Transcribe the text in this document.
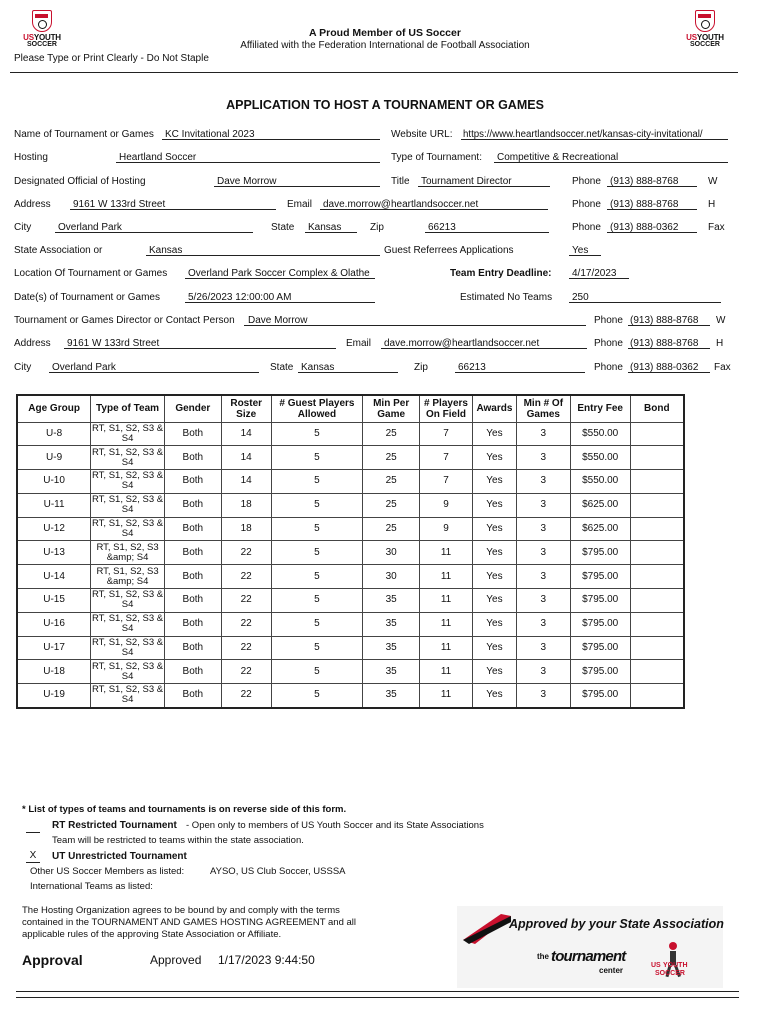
USYOUTH
SOCCER
USYOUTH
SOCCER
A Proud Member of US Soccer
Affiliated with the Federation International de Football Association
Please Type or Print Clearly - Do Not Staple
APPLICATION TO HOST A TOURNAMENT OR GAMES
Name of Tournament or Games KC Invitational 2023	Website URL: https://www.heartlandsoccer.net/kansas-city-invitational/
Hosting	Heartland Soccer	Type of Tournament: Competitive & Recreational
Designated Official of Hosting	Dave Morrow	Title Tournament Director	Phone (913) 888-8768	W
Address 9161 W 133rd Street	Email dave.morrow@heartlandsoccer.net	Phone (913) 888-8768	H
City	Overland Park	State Kansas	Zip	66213	Phone (913) 888-0362	Fax
State Association or	Kansas	Guest Referrees Applications	Yes
Location Of Tournament or Games Overland Park Soccer Complex & Olathe	Team Entry Deadline: 4/17/2023
Date(s) of Tournament or Games	5/26/2023 12:00:00 AM	Estimated No Teams 250
Tournament or Games Director or Contact Person Dave Morrow	Phone (913) 888-8768 W
Address 9161 W 133rd Street	Email dave.morrow@heartlandsoccer.net	Phone (913) 888-8768 H
City Overland Park	State Kansas	Zip	66213	Phone (913) 888-0362 Fax
Age Group	Type of Team	Gender	Roster Size	# Guest Players Allowed	Min Per Game	# Players On Field	Awards	Min # Of Games	Entry Fee	Bond
U-8	RT, S1, S2, S3 & S4	Both	14	5	25	7	Yes	3	$550.00	
U-9	RT, S1, S2, S3 & S4	Both	14	5	25	7	Yes	3	$550.00	
U-10	RT, S1, S2, S3 & S4	Both	14	5	25	7	Yes	3	$550.00	
U-11	RT, S1, S2, S3 & S4	Both	18	5	25	9	Yes	3	$625.00	
U-12	RT, S1, S2, S3 & S4	Both	18	5	25	9	Yes	3	$625.00	
U-13	RT, S1, S2, S3 &amp; S4	Both	22	5	30	11	Yes	3	$795.00	
U-14	RT, S1, S2, S3 &amp; S4	Both	22	5	30	11	Yes	3	$795.00	
U-15	RT, S1, S2, S3 & S4	Both	22	5	35	11	Yes	3	$795.00	
U-16	RT, S1, S2, S3 & S4	Both	22	5	35	11	Yes	3	$795.00	
U-17	RT, S1, S2, S3 & S4	Both	22	5	35	11	Yes	3	$795.00	
U-18	RT, S1, S2, S3 & S4	Both	22	5	35	11	Yes	3	$795.00	
U-19	RT, S1, S2, S3 & S4	Both	22	5	35	11	Yes	3	$795.00	
* List of types of teams and tournaments is on reverse side of this form.
RT Restricted Tournament - Open only to members of US Youth Soccer and its State Associations
Team will be restricted to teams within the state association.
X	UT Unrestricted Tournament
Other US Soccer Members as listed:	AYSO, US Club Soccer, USSSA
International Teams as listed:
The Hosting Organization agrees to be bound by and comply with the terms contained in the TOURNAMENT AND GAMES HOSTING AGREEMENT and all applicable rules of the approving State Association or Affiliate.
Approval	Approved 1/17/2023 9:44:50
Approved by your State Association
the tournament
center
US YOUTH
SOCCER
